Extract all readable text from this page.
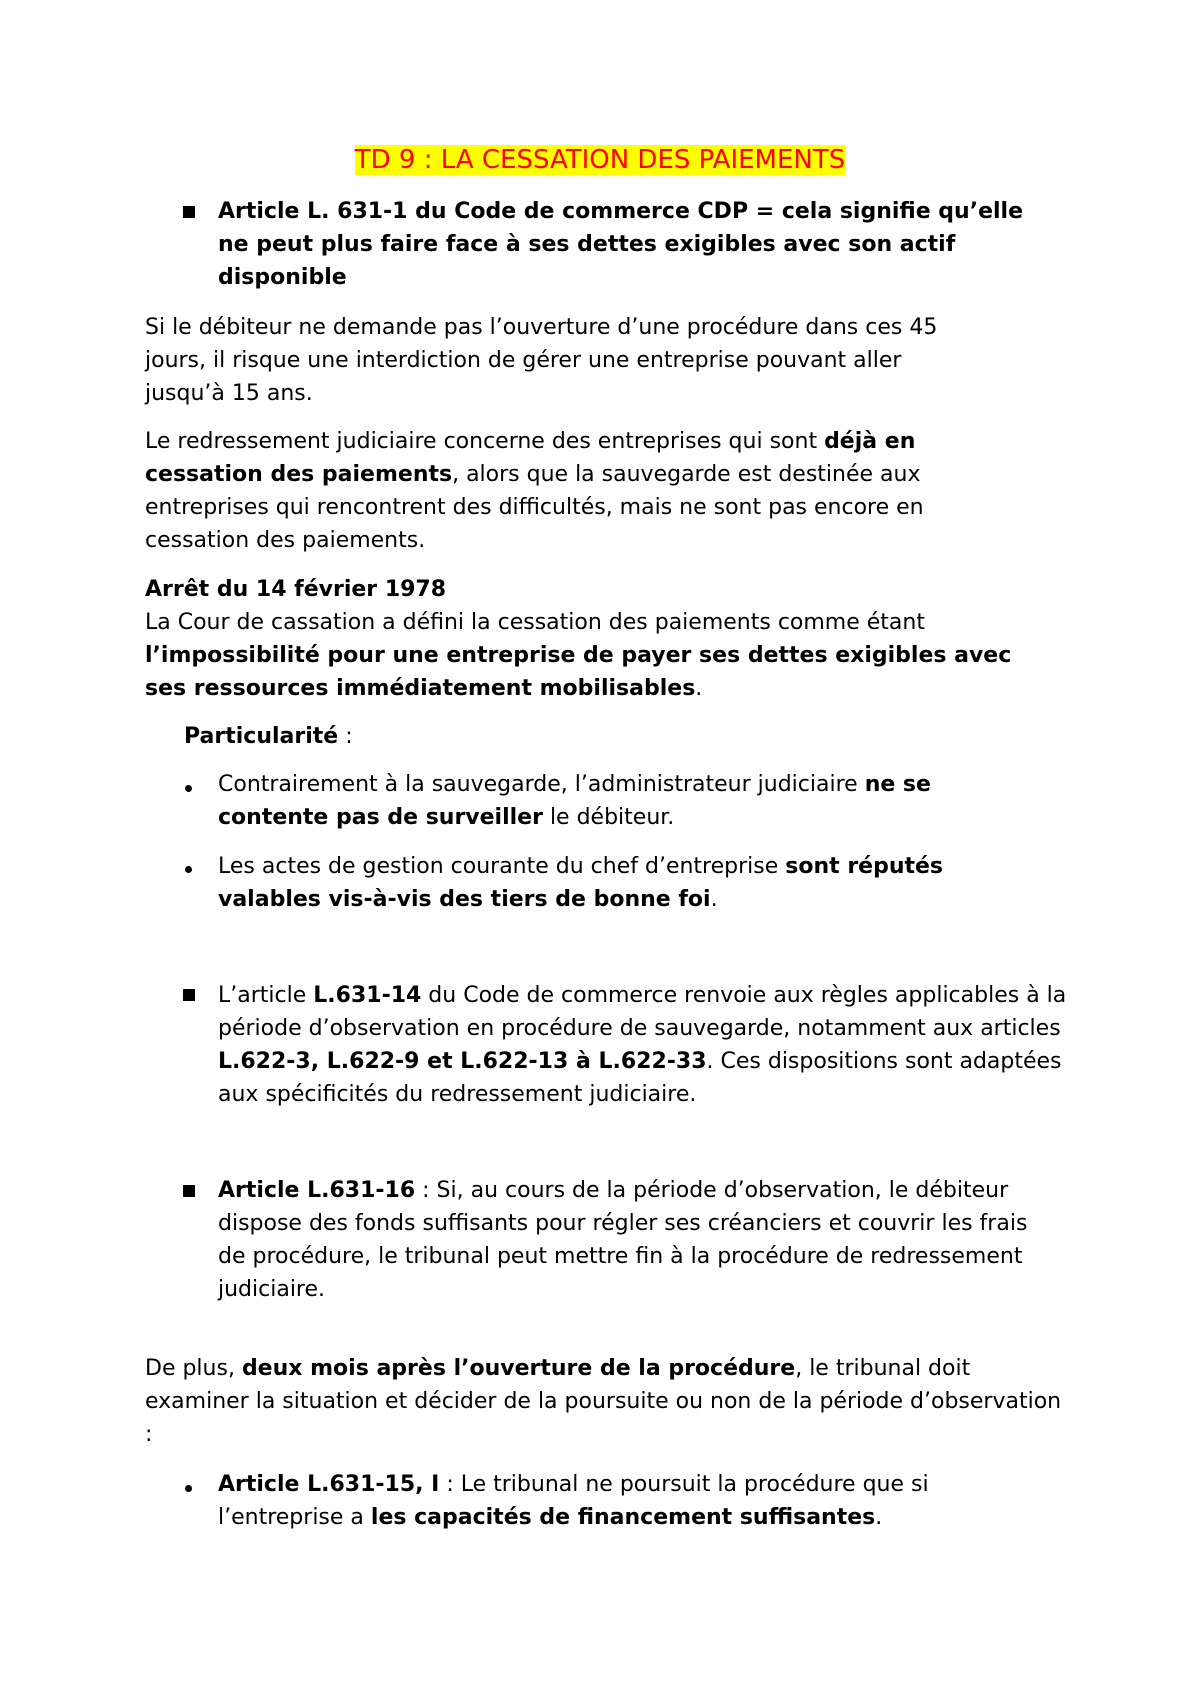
TD 9 : LA CESSATION DES PAIEMENTS
Article L. 631-1 du Code de commerce CDP = cela signifie qu’elle ne peut plus faire face à ses dettes exigibles avec son actif disponible
Si le débiteur ne demande pas l’ouverture d’une procédure dans ces 45
jours, il risque une interdiction de gérer une entreprise pouvant aller
jusqu’à 15 ans.
Le redressement judiciaire concerne des entreprises qui sont déjà en cessation des paiements, alors que la sauvegarde est destinée aux entreprises qui rencontrent des difficultés, mais ne sont pas encore en cessation des paiements.
Arrêt du 14 février 1978
La Cour de cassation a défini la cessation des paiements comme étant l’impossibilité pour une entreprise de payer ses dettes exigibles avec ses ressources immédiatement mobilisables.
Particularité :
Contrairement à la sauvegarde, l’administrateur judiciaire ne se contente pas de surveiller le débiteur.
Les actes de gestion courante du chef d’entreprise sont réputés valables vis-à-vis des tiers de bonne foi.
L’article L.631-14 du Code de commerce renvoie aux règles applicables à la période d’observation en procédure de sauvegarde, notamment aux articles L.622-3, L.622-9 et L.622-13 à L.622-33. Ces dispositions sont adaptées aux spécificités du redressement judiciaire.
Article L.631-16 : Si, au cours de la période d’observation, le débiteur dispose des fonds suffisants pour régler ses créanciers et couvrir les frais de procédure, le tribunal peut mettre fin à la procédure de redressement judiciaire.
De plus, deux mois après l’ouverture de la procédure, le tribunal doit examiner la situation et décider de la poursuite ou non de la période d’observation :
Article L.631-15, I : Le tribunal ne poursuit la procédure que si l’entreprise a les capacités de financement suffisantes.
